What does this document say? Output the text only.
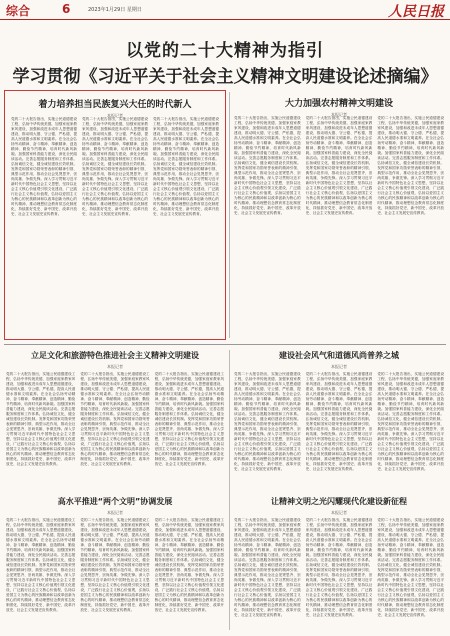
综合	6	2023年1月29日 星期日	人民日报
以党的二十大精神为指引
学习贯彻《习近平关于社会主义精神文明建设论述摘编》
着力培养担当民族复兴大任的时代新人
本报记者
党的二十大报告指出，实施公民道德建设工程，弘扬中华传统美德，加强家庭家教家风建设，加强和改进未成年人思想道德建设，推动明大德、守公德、严私德，提高人民道德水准和文明素养。在全社会弘扬劳动精神、奋斗精神、奉献精神、创造精神、勤俭节约精神，培育时代新风新貌。加强国家科普能力建设，深化全民阅读活动。完善志愿服务制度和工作体系。弘扬诚信文化，健全诚信建设长效机制。发挥党和国家功勋荣誉表彰的精神引领、典型示范作用，推动全社会见贤思齐、崇尚英雄、争做先锋。深入学习贯彻习近平新时代中国特色社会主义思想，坚持以社会主义核心价值观引领文化建设，广泛践行社会主义核心价值观，弘扬以爱国主义为核心的民族精神和以改革创新为核心的时代精神，推动理想信念教育常态化制度化，持续抓好党史、新中国史、改革开放史、社会主义发展史宣传教育。
党的二十大报告指出，实施公民道德建设工程，弘扬中华传统美德，加强家庭家教家风建设，加强和改进未成年人思想道德建设，推动明大德、守公德、严私德，提高人民道德水准和文明素养。在全社会弘扬劳动精神、奋斗精神、奉献精神、创造精神、勤俭节约精神，培育时代新风新貌。加强国家科普能力建设，深化全民阅读活动。完善志愿服务制度和工作体系。弘扬诚信文化，健全诚信建设长效机制。发挥党和国家功勋荣誉表彰的精神引领、典型示范作用，推动全社会见贤思齐、崇尚英雄、争做先锋。深入学习贯彻习近平新时代中国特色社会主义思想，坚持以社会主义核心价值观引领文化建设，广泛践行社会主义核心价值观，弘扬以爱国主义为核心的民族精神和以改革创新为核心的时代精神，推动理想信念教育常态化制度化，持续抓好党史、新中国史、改革开放史、社会主义发展史宣传教育。
党的二十大报告指出，实施公民道德建设工程，弘扬中华传统美德，加强家庭家教家风建设，加强和改进未成年人思想道德建设，推动明大德、守公德、严私德，提高人民道德水准和文明素养。在全社会弘扬劳动精神、奋斗精神、奉献精神、创造精神、勤俭节约精神，培育时代新风新貌。加强国家科普能力建设，深化全民阅读活动。完善志愿服务制度和工作体系。弘扬诚信文化，健全诚信建设长效机制。发挥党和国家功勋荣誉表彰的精神引领、典型示范作用，推动全社会见贤思齐、崇尚英雄、争做先锋。深入学习贯彻习近平新时代中国特色社会主义思想，坚持以社会主义核心价值观引领文化建设，广泛践行社会主义核心价值观，弘扬以爱国主义为核心的民族精神和以改革创新为核心的时代精神，推动理想信念教育常态化制度化，持续抓好党史、新中国史、改革开放史、社会主义发展史宣传教育。
大力加强农村精神文明建设
本报记者
党的二十大报告指出，实施公民道德建设工程，弘扬中华传统美德，加强家庭家教家风建设，加强和改进未成年人思想道德建设，推动明大德、守公德、严私德，提高人民道德水准和文明素养。在全社会弘扬劳动精神、奋斗精神、奉献精神、创造精神、勤俭节约精神，培育时代新风新貌。加强国家科普能力建设，深化全民阅读活动。完善志愿服务制度和工作体系。弘扬诚信文化，健全诚信建设长效机制。发挥党和国家功勋荣誉表彰的精神引领、典型示范作用，推动全社会见贤思齐、崇尚英雄、争做先锋。深入学习贯彻习近平新时代中国特色社会主义思想，坚持以社会主义核心价值观引领文化建设，广泛践行社会主义核心价值观，弘扬以爱国主义为核心的民族精神和以改革创新为核心的时代精神，推动理想信念教育常态化制度化，持续抓好党史、新中国史、改革开放史、社会主义发展史宣传教育。
党的二十大报告指出，实施公民道德建设工程，弘扬中华传统美德，加强家庭家教家风建设，加强和改进未成年人思想道德建设，推动明大德、守公德、严私德，提高人民道德水准和文明素养。在全社会弘扬劳动精神、奋斗精神、奉献精神、创造精神、勤俭节约精神，培育时代新风新貌。加强国家科普能力建设，深化全民阅读活动。完善志愿服务制度和工作体系。弘扬诚信文化，健全诚信建设长效机制。发挥党和国家功勋荣誉表彰的精神引领、典型示范作用，推动全社会见贤思齐、崇尚英雄、争做先锋。深入学习贯彻习近平新时代中国特色社会主义思想，坚持以社会主义核心价值观引领文化建设，广泛践行社会主义核心价值观，弘扬以爱国主义为核心的民族精神和以改革创新为核心的时代精神，推动理想信念教育常态化制度化，持续抓好党史、新中国史、改革开放史、社会主义发展史宣传教育。
党的二十大报告指出，实施公民道德建设工程，弘扬中华传统美德，加强家庭家教家风建设，加强和改进未成年人思想道德建设，推动明大德、守公德、严私德，提高人民道德水准和文明素养。在全社会弘扬劳动精神、奋斗精神、奉献精神、创造精神、勤俭节约精神，培育时代新风新貌。加强国家科普能力建设，深化全民阅读活动。完善志愿服务制度和工作体系。弘扬诚信文化，健全诚信建设长效机制。发挥党和国家功勋荣誉表彰的精神引领、典型示范作用，推动全社会见贤思齐、崇尚英雄、争做先锋。深入学习贯彻习近平新时代中国特色社会主义思想，坚持以社会主义核心价值观引领文化建设，广泛践行社会主义核心价值观，弘扬以爱国主义为核心的民族精神和以改革创新为核心的时代精神，推动理想信念教育常态化制度化，持续抓好党史、新中国史、改革开放史、社会主义发展史宣传教育。
立足文化和旅游特色推进社会主义精神文明建设
本报记者
党的二十大报告指出，实施公民道德建设工程，弘扬中华传统美德，加强家庭家教家风建设，加强和改进未成年人思想道德建设，推动明大德、守公德、严私德，提高人民道德水准和文明素养。在全社会弘扬劳动精神、奋斗精神、奉献精神、创造精神、勤俭节约精神，培育时代新风新貌。加强国家科普能力建设，深化全民阅读活动。完善志愿服务制度和工作体系。弘扬诚信文化，健全诚信建设长效机制。发挥党和国家功勋荣誉表彰的精神引领、典型示范作用，推动全社会见贤思齐、崇尚英雄、争做先锋。深入学习贯彻习近平新时代中国特色社会主义思想，坚持以社会主义核心价值观引领文化建设，广泛践行社会主义核心价值观，弘扬以爱国主义为核心的民族精神和以改革创新为核心的时代精神，推动理想信念教育常态化制度化，持续抓好党史、新中国史、改革开放史、社会主义发展史宣传教育。
党的二十大报告指出，实施公民道德建设工程，弘扬中华传统美德，加强家庭家教家风建设，加强和改进未成年人思想道德建设，推动明大德、守公德、严私德，提高人民道德水准和文明素养。在全社会弘扬劳动精神、奋斗精神、奉献精神、创造精神、勤俭节约精神，培育时代新风新貌。加强国家科普能力建设，深化全民阅读活动。完善志愿服务制度和工作体系。弘扬诚信文化，健全诚信建设长效机制。发挥党和国家功勋荣誉表彰的精神引领、典型示范作用，推动全社会见贤思齐、崇尚英雄、争做先锋。深入学习贯彻习近平新时代中国特色社会主义思想，坚持以社会主义核心价值观引领文化建设，广泛践行社会主义核心价值观，弘扬以爱国主义为核心的民族精神和以改革创新为核心的时代精神，推动理想信念教育常态化制度化，持续抓好党史、新中国史、改革开放史、社会主义发展史宣传教育。
党的二十大报告指出，实施公民道德建设工程，弘扬中华传统美德，加强家庭家教家风建设，加强和改进未成年人思想道德建设，推动明大德、守公德、严私德，提高人民道德水准和文明素养。在全社会弘扬劳动精神、奋斗精神、奉献精神、创造精神、勤俭节约精神，培育时代新风新貌。加强国家科普能力建设，深化全民阅读活动。完善志愿服务制度和工作体系。弘扬诚信文化，健全诚信建设长效机制。发挥党和国家功勋荣誉表彰的精神引领、典型示范作用，推动全社会见贤思齐、崇尚英雄、争做先锋。深入学习贯彻习近平新时代中国特色社会主义思想，坚持以社会主义核心价值观引领文化建设，广泛践行社会主义核心价值观，弘扬以爱国主义为核心的民族精神和以改革创新为核心的时代精神，推动理想信念教育常态化制度化，持续抓好党史、新中国史、改革开放史、社会主义发展史宣传教育。
建设社会风气和道德风尚普养之城
本报记者
党的二十大报告指出，实施公民道德建设工程，弘扬中华传统美德，加强家庭家教家风建设，加强和改进未成年人思想道德建设，推动明大德、守公德、严私德，提高人民道德水准和文明素养。在全社会弘扬劳动精神、奋斗精神、奉献精神、创造精神、勤俭节约精神，培育时代新风新貌。加强国家科普能力建设，深化全民阅读活动。完善志愿服务制度和工作体系。弘扬诚信文化，健全诚信建设长效机制。发挥党和国家功勋荣誉表彰的精神引领、典型示范作用，推动全社会见贤思齐、崇尚英雄、争做先锋。深入学习贯彻习近平新时代中国特色社会主义思想，坚持以社会主义核心价值观引领文化建设，广泛践行社会主义核心价值观，弘扬以爱国主义为核心的民族精神和以改革创新为核心的时代精神，推动理想信念教育常态化制度化，持续抓好党史、新中国史、改革开放史、社会主义发展史宣传教育。
党的二十大报告指出，实施公民道德建设工程，弘扬中华传统美德，加强家庭家教家风建设，加强和改进未成年人思想道德建设，推动明大德、守公德、严私德，提高人民道德水准和文明素养。在全社会弘扬劳动精神、奋斗精神、奉献精神、创造精神、勤俭节约精神，培育时代新风新貌。加强国家科普能力建设，深化全民阅读活动。完善志愿服务制度和工作体系。弘扬诚信文化，健全诚信建设长效机制。发挥党和国家功勋荣誉表彰的精神引领、典型示范作用，推动全社会见贤思齐、崇尚英雄、争做先锋。深入学习贯彻习近平新时代中国特色社会主义思想，坚持以社会主义核心价值观引领文化建设，广泛践行社会主义核心价值观，弘扬以爱国主义为核心的民族精神和以改革创新为核心的时代精神，推动理想信念教育常态化制度化，持续抓好党史、新中国史、改革开放史、社会主义发展史宣传教育。
党的二十大报告指出，实施公民道德建设工程，弘扬中华传统美德，加强家庭家教家风建设，加强和改进未成年人思想道德建设，推动明大德、守公德、严私德，提高人民道德水准和文明素养。在全社会弘扬劳动精神、奋斗精神、奉献精神、创造精神、勤俭节约精神，培育时代新风新貌。加强国家科普能力建设，深化全民阅读活动。完善志愿服务制度和工作体系。弘扬诚信文化，健全诚信建设长效机制。发挥党和国家功勋荣誉表彰的精神引领、典型示范作用，推动全社会见贤思齐、崇尚英雄、争做先锋。深入学习贯彻习近平新时代中国特色社会主义思想，坚持以社会主义核心价值观引领文化建设，广泛践行社会主义核心价值观，弘扬以爱国主义为核心的民族精神和以改革创新为核心的时代精神，推动理想信念教育常态化制度化，持续抓好党史、新中国史、改革开放史、社会主义发展史宣传教育。
高水平推进“两个文明”协调发展
本报记者
党的二十大报告指出，实施公民道德建设工程，弘扬中华传统美德，加强家庭家教家风建设，加强和改进未成年人思想道德建设，推动明大德、守公德、严私德，提高人民道德水准和文明素养。在全社会弘扬劳动精神、奋斗精神、奉献精神、创造精神、勤俭节约精神，培育时代新风新貌。加强国家科普能力建设，深化全民阅读活动。完善志愿服务制度和工作体系。弘扬诚信文化，健全诚信建设长效机制。发挥党和国家功勋荣誉表彰的精神引领、典型示范作用，推动全社会见贤思齐、崇尚英雄、争做先锋。深入学习贯彻习近平新时代中国特色社会主义思想，坚持以社会主义核心价值观引领文化建设，广泛践行社会主义核心价值观，弘扬以爱国主义为核心的民族精神和以改革创新为核心的时代精神，推动理想信念教育常态化制度化，持续抓好党史、新中国史、改革开放史、社会主义发展史宣传教育。
党的二十大报告指出，实施公民道德建设工程，弘扬中华传统美德，加强家庭家教家风建设，加强和改进未成年人思想道德建设，推动明大德、守公德、严私德，提高人民道德水准和文明素养。在全社会弘扬劳动精神、奋斗精神、奉献精神、创造精神、勤俭节约精神，培育时代新风新貌。加强国家科普能力建设，深化全民阅读活动。完善志愿服务制度和工作体系。弘扬诚信文化，健全诚信建设长效机制。发挥党和国家功勋荣誉表彰的精神引领、典型示范作用，推动全社会见贤思齐、崇尚英雄、争做先锋。深入学习贯彻习近平新时代中国特色社会主义思想，坚持以社会主义核心价值观引领文化建设，广泛践行社会主义核心价值观，弘扬以爱国主义为核心的民族精神和以改革创新为核心的时代精神，推动理想信念教育常态化制度化，持续抓好党史、新中国史、改革开放史、社会主义发展史宣传教育。
党的二十大报告指出，实施公民道德建设工程，弘扬中华传统美德，加强家庭家教家风建设，加强和改进未成年人思想道德建设，推动明大德、守公德、严私德，提高人民道德水准和文明素养。在全社会弘扬劳动精神、奋斗精神、奉献精神、创造精神、勤俭节约精神，培育时代新风新貌。加强国家科普能力建设，深化全民阅读活动。完善志愿服务制度和工作体系。弘扬诚信文化，健全诚信建设长效机制。发挥党和国家功勋荣誉表彰的精神引领、典型示范作用，推动全社会见贤思齐、崇尚英雄、争做先锋。深入学习贯彻习近平新时代中国特色社会主义思想，坚持以社会主义核心价值观引领文化建设，广泛践行社会主义核心价值观，弘扬以爱国主义为核心的民族精神和以改革创新为核心的时代精神，推动理想信念教育常态化制度化，持续抓好党史、新中国史、改革开放史、社会主义发展史宣传教育。
让精神文明之光闪耀现代化建设新征程
本报记者
党的二十大报告指出，实施公民道德建设工程，弘扬中华传统美德，加强家庭家教家风建设，加强和改进未成年人思想道德建设，推动明大德、守公德、严私德，提高人民道德水准和文明素养。在全社会弘扬劳动精神、奋斗精神、奉献精神、创造精神、勤俭节约精神，培育时代新风新貌。加强国家科普能力建设，深化全民阅读活动。完善志愿服务制度和工作体系。弘扬诚信文化，健全诚信建设长效机制。发挥党和国家功勋荣誉表彰的精神引领、典型示范作用，推动全社会见贤思齐、崇尚英雄、争做先锋。深入学习贯彻习近平新时代中国特色社会主义思想，坚持以社会主义核心价值观引领文化建设，广泛践行社会主义核心价值观，弘扬以爱国主义为核心的民族精神和以改革创新为核心的时代精神，推动理想信念教育常态化制度化，持续抓好党史、新中国史、改革开放史、社会主义发展史宣传教育。
党的二十大报告指出，实施公民道德建设工程，弘扬中华传统美德，加强家庭家教家风建设，加强和改进未成年人思想道德建设，推动明大德、守公德、严私德，提高人民道德水准和文明素养。在全社会弘扬劳动精神、奋斗精神、奉献精神、创造精神、勤俭节约精神，培育时代新风新貌。加强国家科普能力建设，深化全民阅读活动。完善志愿服务制度和工作体系。弘扬诚信文化，健全诚信建设长效机制。发挥党和国家功勋荣誉表彰的精神引领、典型示范作用，推动全社会见贤思齐、崇尚英雄、争做先锋。深入学习贯彻习近平新时代中国特色社会主义思想，坚持以社会主义核心价值观引领文化建设，广泛践行社会主义核心价值观，弘扬以爱国主义为核心的民族精神和以改革创新为核心的时代精神，推动理想信念教育常态化制度化，持续抓好党史、新中国史、改革开放史、社会主义发展史宣传教育。
党的二十大报告指出，实施公民道德建设工程，弘扬中华传统美德，加强家庭家教家风建设，加强和改进未成年人思想道德建设，推动明大德、守公德、严私德，提高人民道德水准和文明素养。在全社会弘扬劳动精神、奋斗精神、奉献精神、创造精神、勤俭节约精神，培育时代新风新貌。加强国家科普能力建设，深化全民阅读活动。完善志愿服务制度和工作体系。弘扬诚信文化，健全诚信建设长效机制。发挥党和国家功勋荣誉表彰的精神引领、典型示范作用，推动全社会见贤思齐、崇尚英雄、争做先锋。深入学习贯彻习近平新时代中国特色社会主义思想，坚持以社会主义核心价值观引领文化建设，广泛践行社会主义核心价值观，弘扬以爱国主义为核心的民族精神和以改革创新为核心的时代精神，推动理想信念教育常态化制度化，持续抓好党史、新中国史、改革开放史、社会主义发展史宣传教育。
